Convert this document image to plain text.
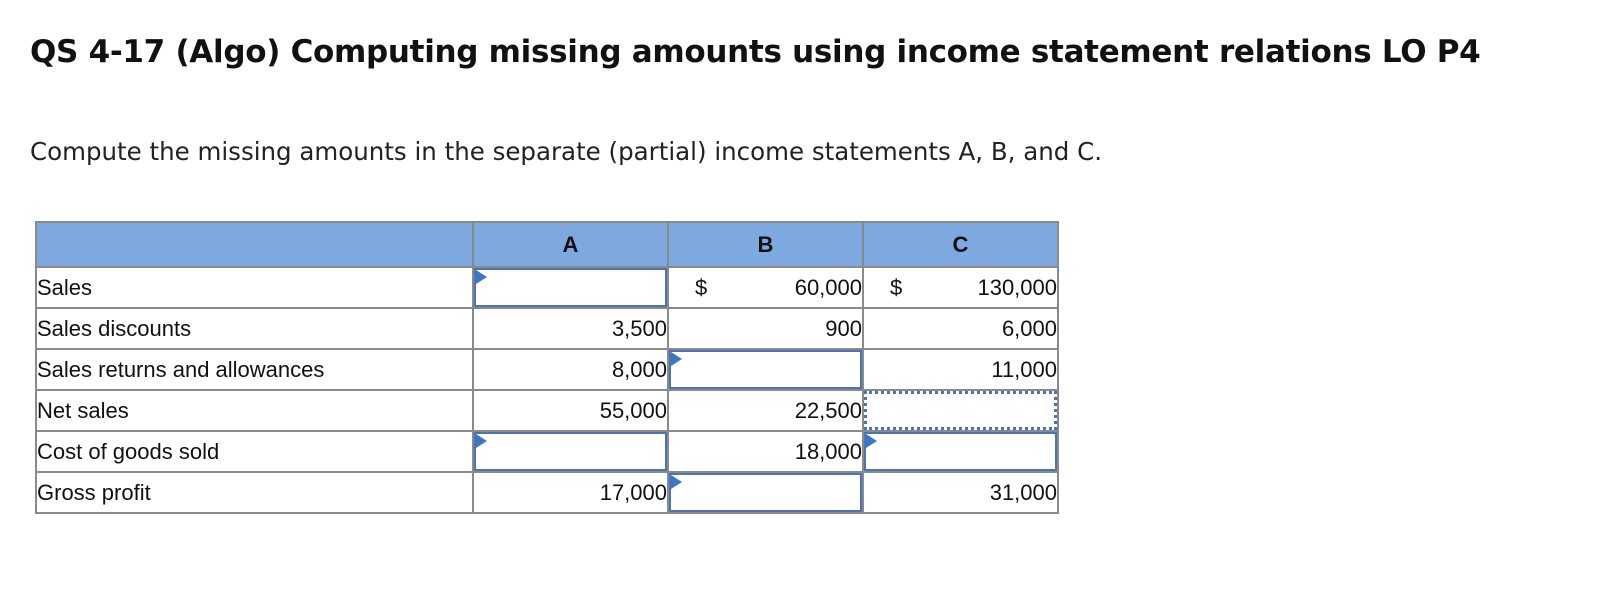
QS 4-17 (Algo) Computing missing amounts using income statement relations LO P4

Compute the missing amounts in the separate (partial) income statements A, B, and C.

	A	B	C
Sales		$ 60,000	$ 130,000
Sales discounts	3,500	900	6,000
Sales returns and allowances	8,000		11,000
Net sales	55,000	22,500	
Cost of goods sold		18,000	

Gross profit	17,000		31,000
